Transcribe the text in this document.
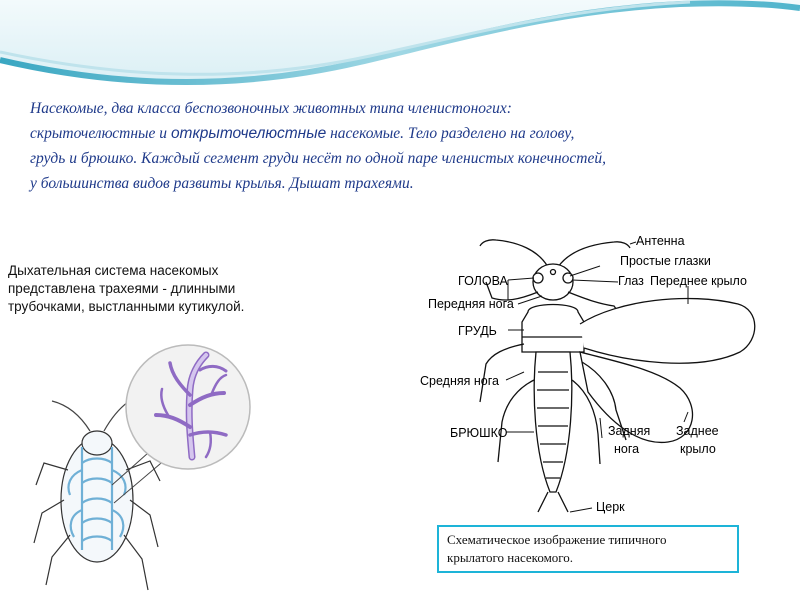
Насекомые, два класса беспозвоночных животных типа членистоногих:
скрыточелюстные и открыточелюстные насекомые. Тело разделено на голову,
грудь и брюшко. Каждый сегмент груди несёт по одной паре членистых конечностей,
у большинства видов развиты крылья. Дышат трахеями.
Дыхательная система насекомых
представлена трахеями - длинными
трубочками, выстланными кутикулой.
Антенна
Простые глазки
Глаз Переднее крыло
ГОЛОВА
Передняя нога
ГРУДЬ
Средняя нога
БРЮШКО	Задняя
нога
Заднее
крыло
Церк
Схематическое изображение типичного
крылатого насекомого.
